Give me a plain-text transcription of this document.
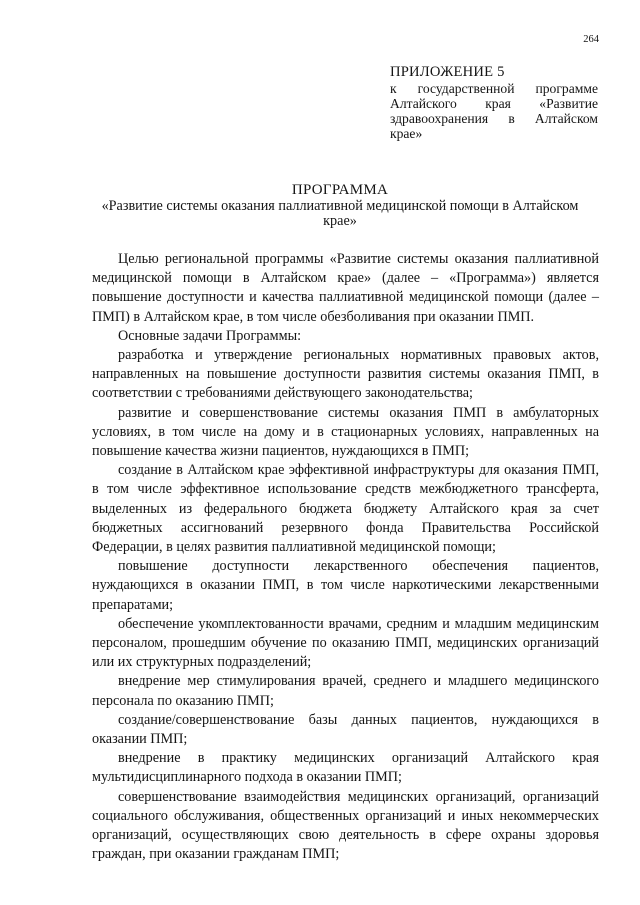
264
ПРИЛОЖЕНИЕ 5
к государственной программе Алтайского края «Развитие здравоохранения в Алтайском крае»
ПРОГРАММА
«Развитие системы оказания паллиативной медицинской помощи в Алтайском крае»

Целью региональной программы «Развитие системы оказания паллиативной медицинской помощи в Алтайском крае» (далее – «Программа») является повышение доступности и качества паллиативной медицинской помощи (далее – ПМП) в Алтайском крае, в том числе обезболивания при оказании ПМП.

Основные задачи Программы:

разработка и утверждение региональных нормативных правовых актов, направленных на повышение доступности развития системы оказания ПМП, в соответствии с требованиями действующего законодательства;

развитие и совершенствование системы оказания ПМП в амбулаторных условиях, в том числе на дому и в стационарных условиях, направленных на повышение качества жизни пациентов, нуждающихся в ПМП;

создание в Алтайском крае эффективной инфраструктуры для оказания ПМП, в том числе эффективное использование средств межбюджетного трансферта, выделенных из федерального бюджета бюджету Алтайского края за счет бюджетных ассигнований резервного фонда Правительства Российской Федерации, в целях развития паллиативной медицинской помощи;

повышение доступности лекарственного обеспечения пациентов, нуждающихся в оказании ПМП, в том числе наркотическими лекарственными препаратами;

обеспечение укомплектованности врачами, средним и младшим медицинским персоналом, прошедшим обучение по оказанию ПМП, медицинских организаций или их структурных подразделений;

внедрение мер стимулирования врачей, среднего и младшего медицинского персонала по оказанию ПМП;

создание/совершенствование базы данных пациентов, нуждающихся в оказании ПМП;

внедрение в практику медицинских организаций Алтайского края мультидисциплинарного подхода в оказании ПМП;

совершенствование взаимодействия медицинских организаций, организаций социального обслуживания, общественных организаций и иных некоммерческих организаций, осуществляющих свою деятельность в сфере охраны здоровья граждан, при оказании гражданам ПМП;
